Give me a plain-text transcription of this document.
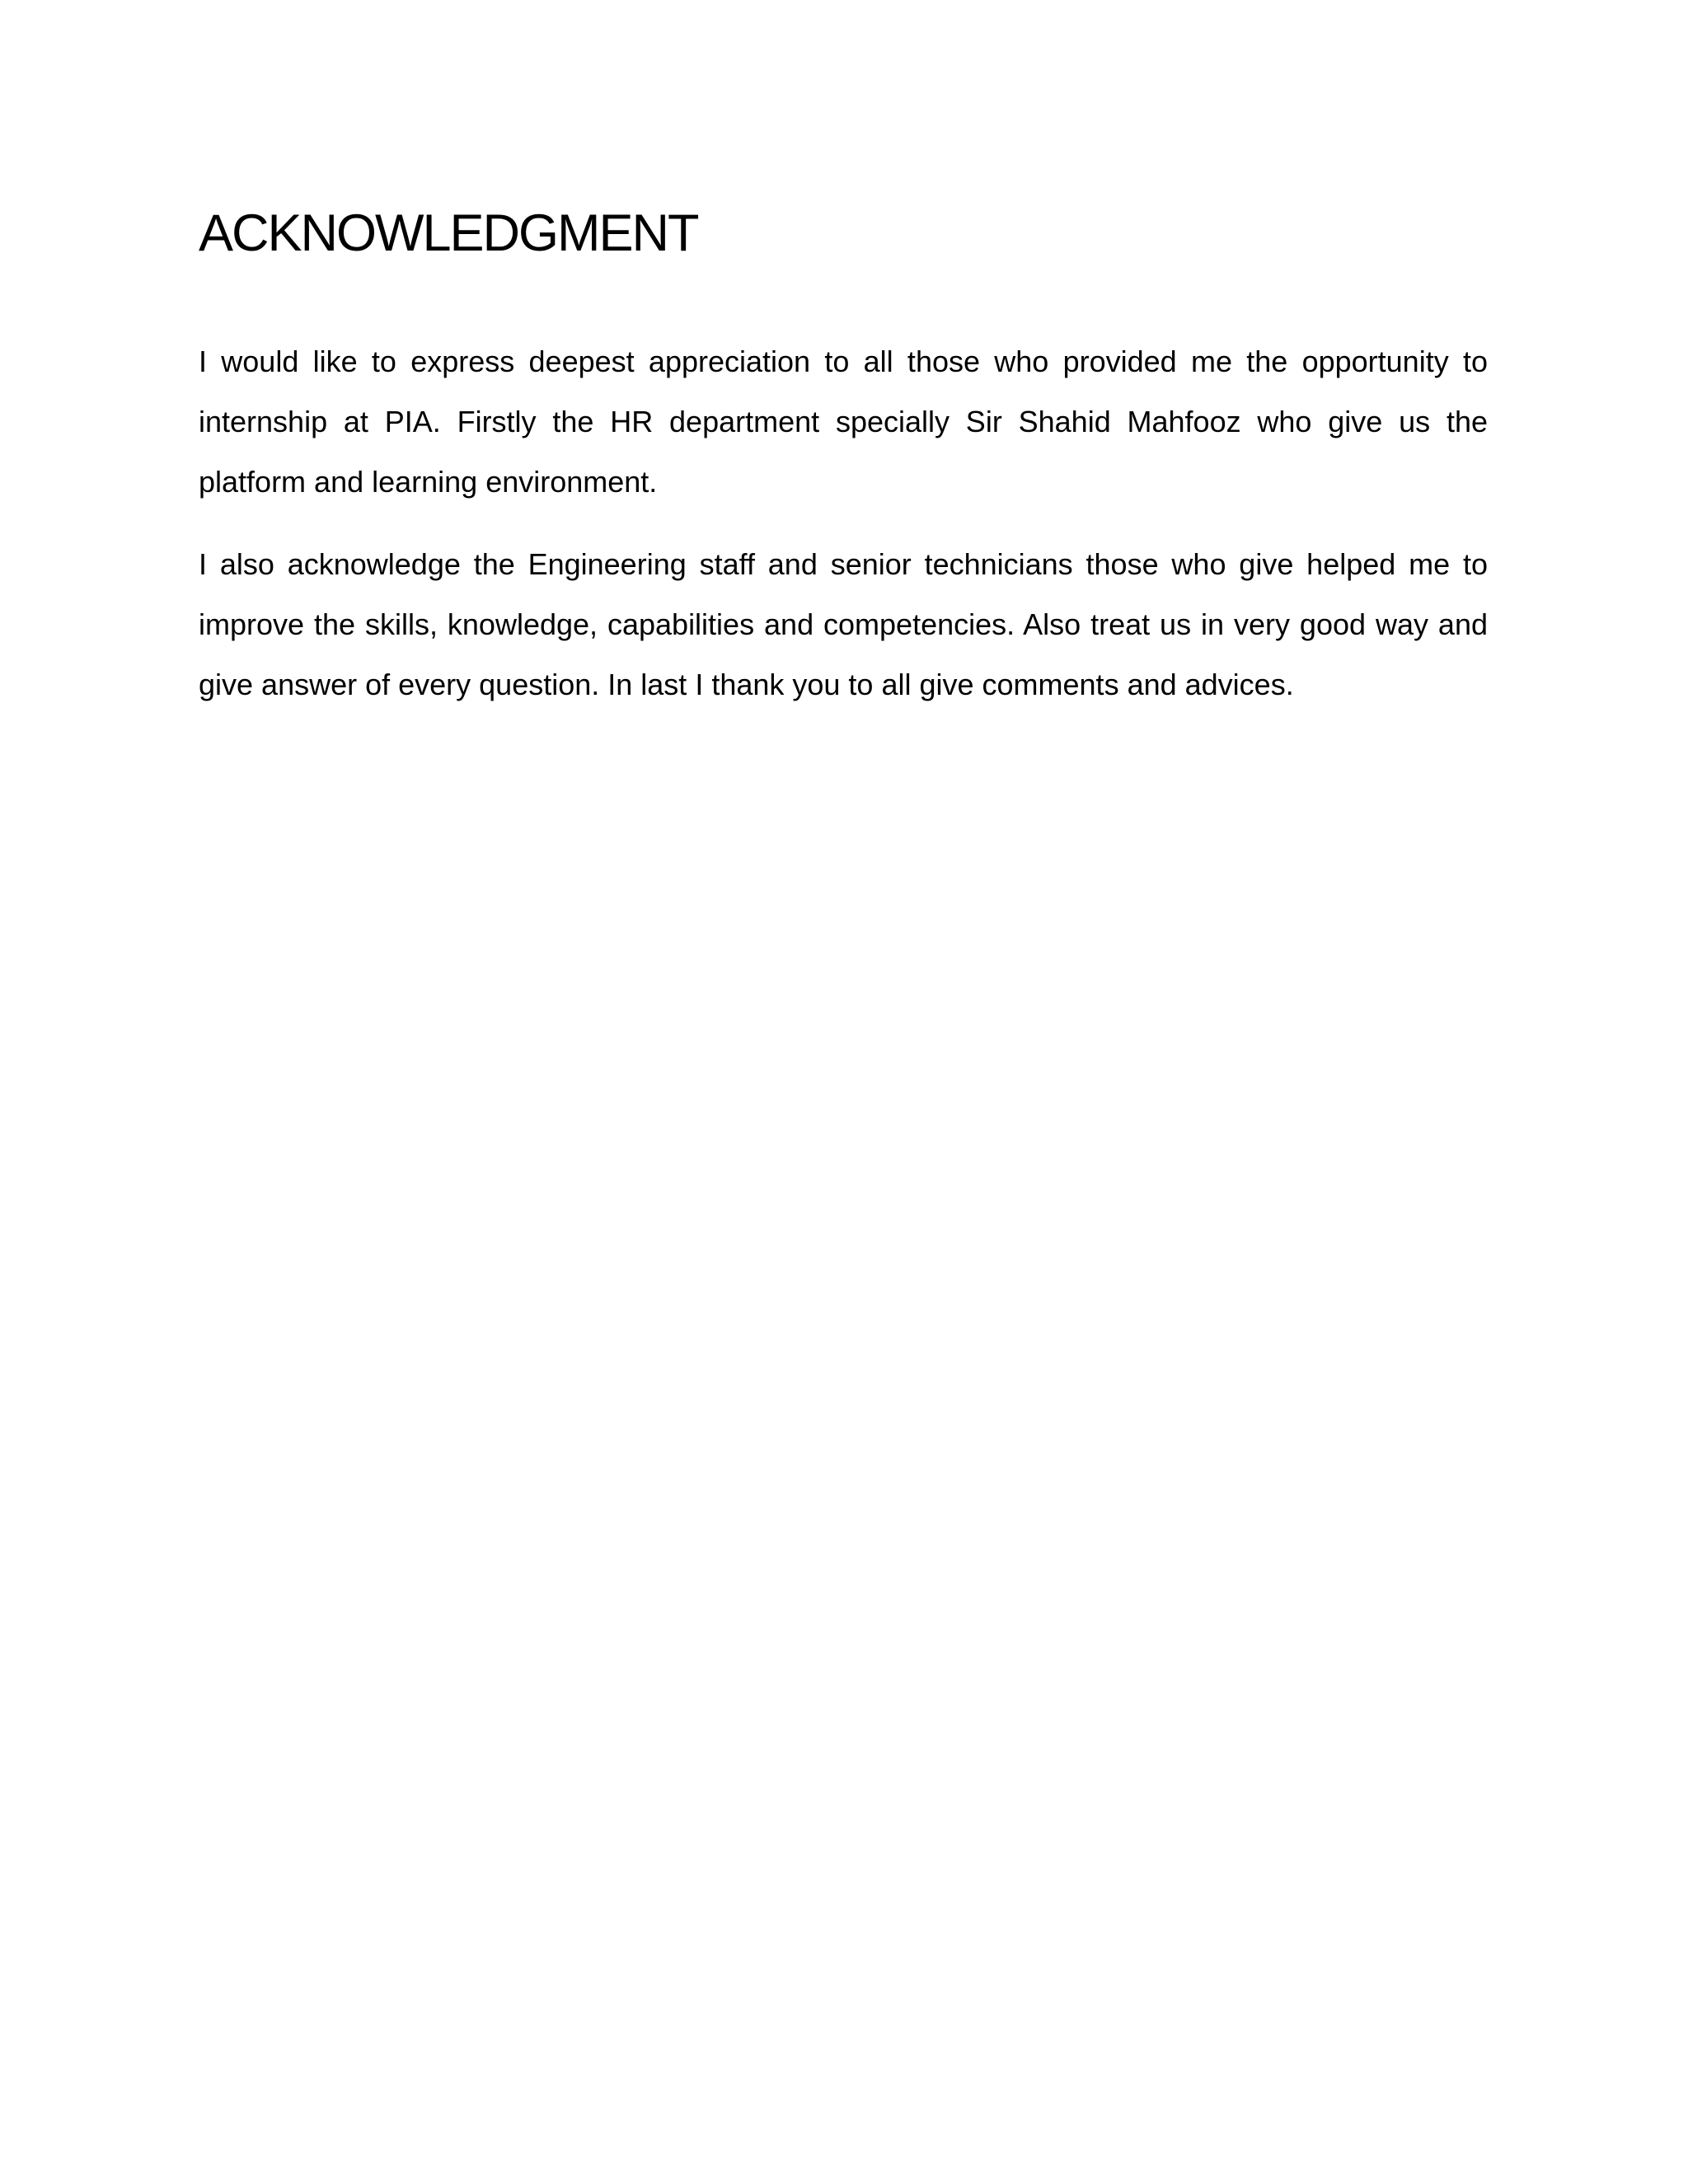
ACKNOWLEDGMENT

I would like to express deepest appreciation to all those who provided me the opportunity to internship at PIA. Firstly the HR department specially Sir Shahid Mahfooz who give us the platform and learning environment.

I also acknowledge the Engineering staff and senior technicians those who give helped me to improve the skills, knowledge, capabilities and competencies. Also treat us in very good way and give answer of every question. In last I thank you to all give comments and advices.
